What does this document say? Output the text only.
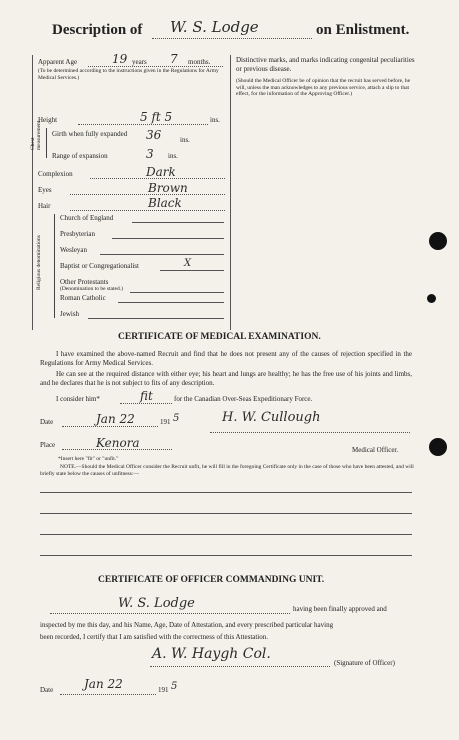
Description of W. S. Lodge	on Enlistment.
Apparent Age	19 years 7 months.
(To be determined according to the instructions given in the Regulations for Army Medical Services.)
Distinctive marks, and marks indicating congenital peculiarities or previous disease.
(Should the Medical Officer be of opinion that the recruit has served before, he will, unless the man acknowledges to any previous service, attach a slip to that effect, for the information of the Approving Officer.)
Height	5 ft 5	ins.
Chest measurement Girth when fully expanded	36	ins.
Range of expansion	3 ins.
Complexion	Dark
Eyes	Brown
Hair	Black
Religious denominations
Church of England
Presbyterian
Wesleyan
Baptist or Congregationalist	X
Other Protestants
(Denomination to be stated.)
Roman Catholic
Jewish
CERTIFICATE OF MEDICAL EXAMINATION.
I have examined the above-named Recruit and find that he does not present any of the causes of rejection specified in the Regulations for Army Medical Services.
He can see at the required distance with either eye; his heart and lungs are healthy; he has the free use of his joints and limbs, and he declares that he is not subject to fits of any description.
I consider him*	fit	for the Canadian Over-Seas Expeditionary Force.
Date	Jan 22	191 5	H. W. Cullough
Place	Kenora	Medical Officer.
*Insert here "fit" or "unfit."
NOTE.—Should the Medical Officer consider the Recruit unfit, he will fill in the foregoing Certificate only in the case of those who have been attested, and will briefly state below the causes of unfitness:—
CERTIFICATE OF OFFICER COMMANDING UNIT.
W. S. Lodge	having been finally approved and
inspected by me this day, and his Name, Age, Date of Attestation, and every prescribed particular having
been recorded, I certify that I am satisfied with the correctness of this Attestation.
A. W. Haygh Col.
(Signature of Officer)
Date	Jan 22	191 5
